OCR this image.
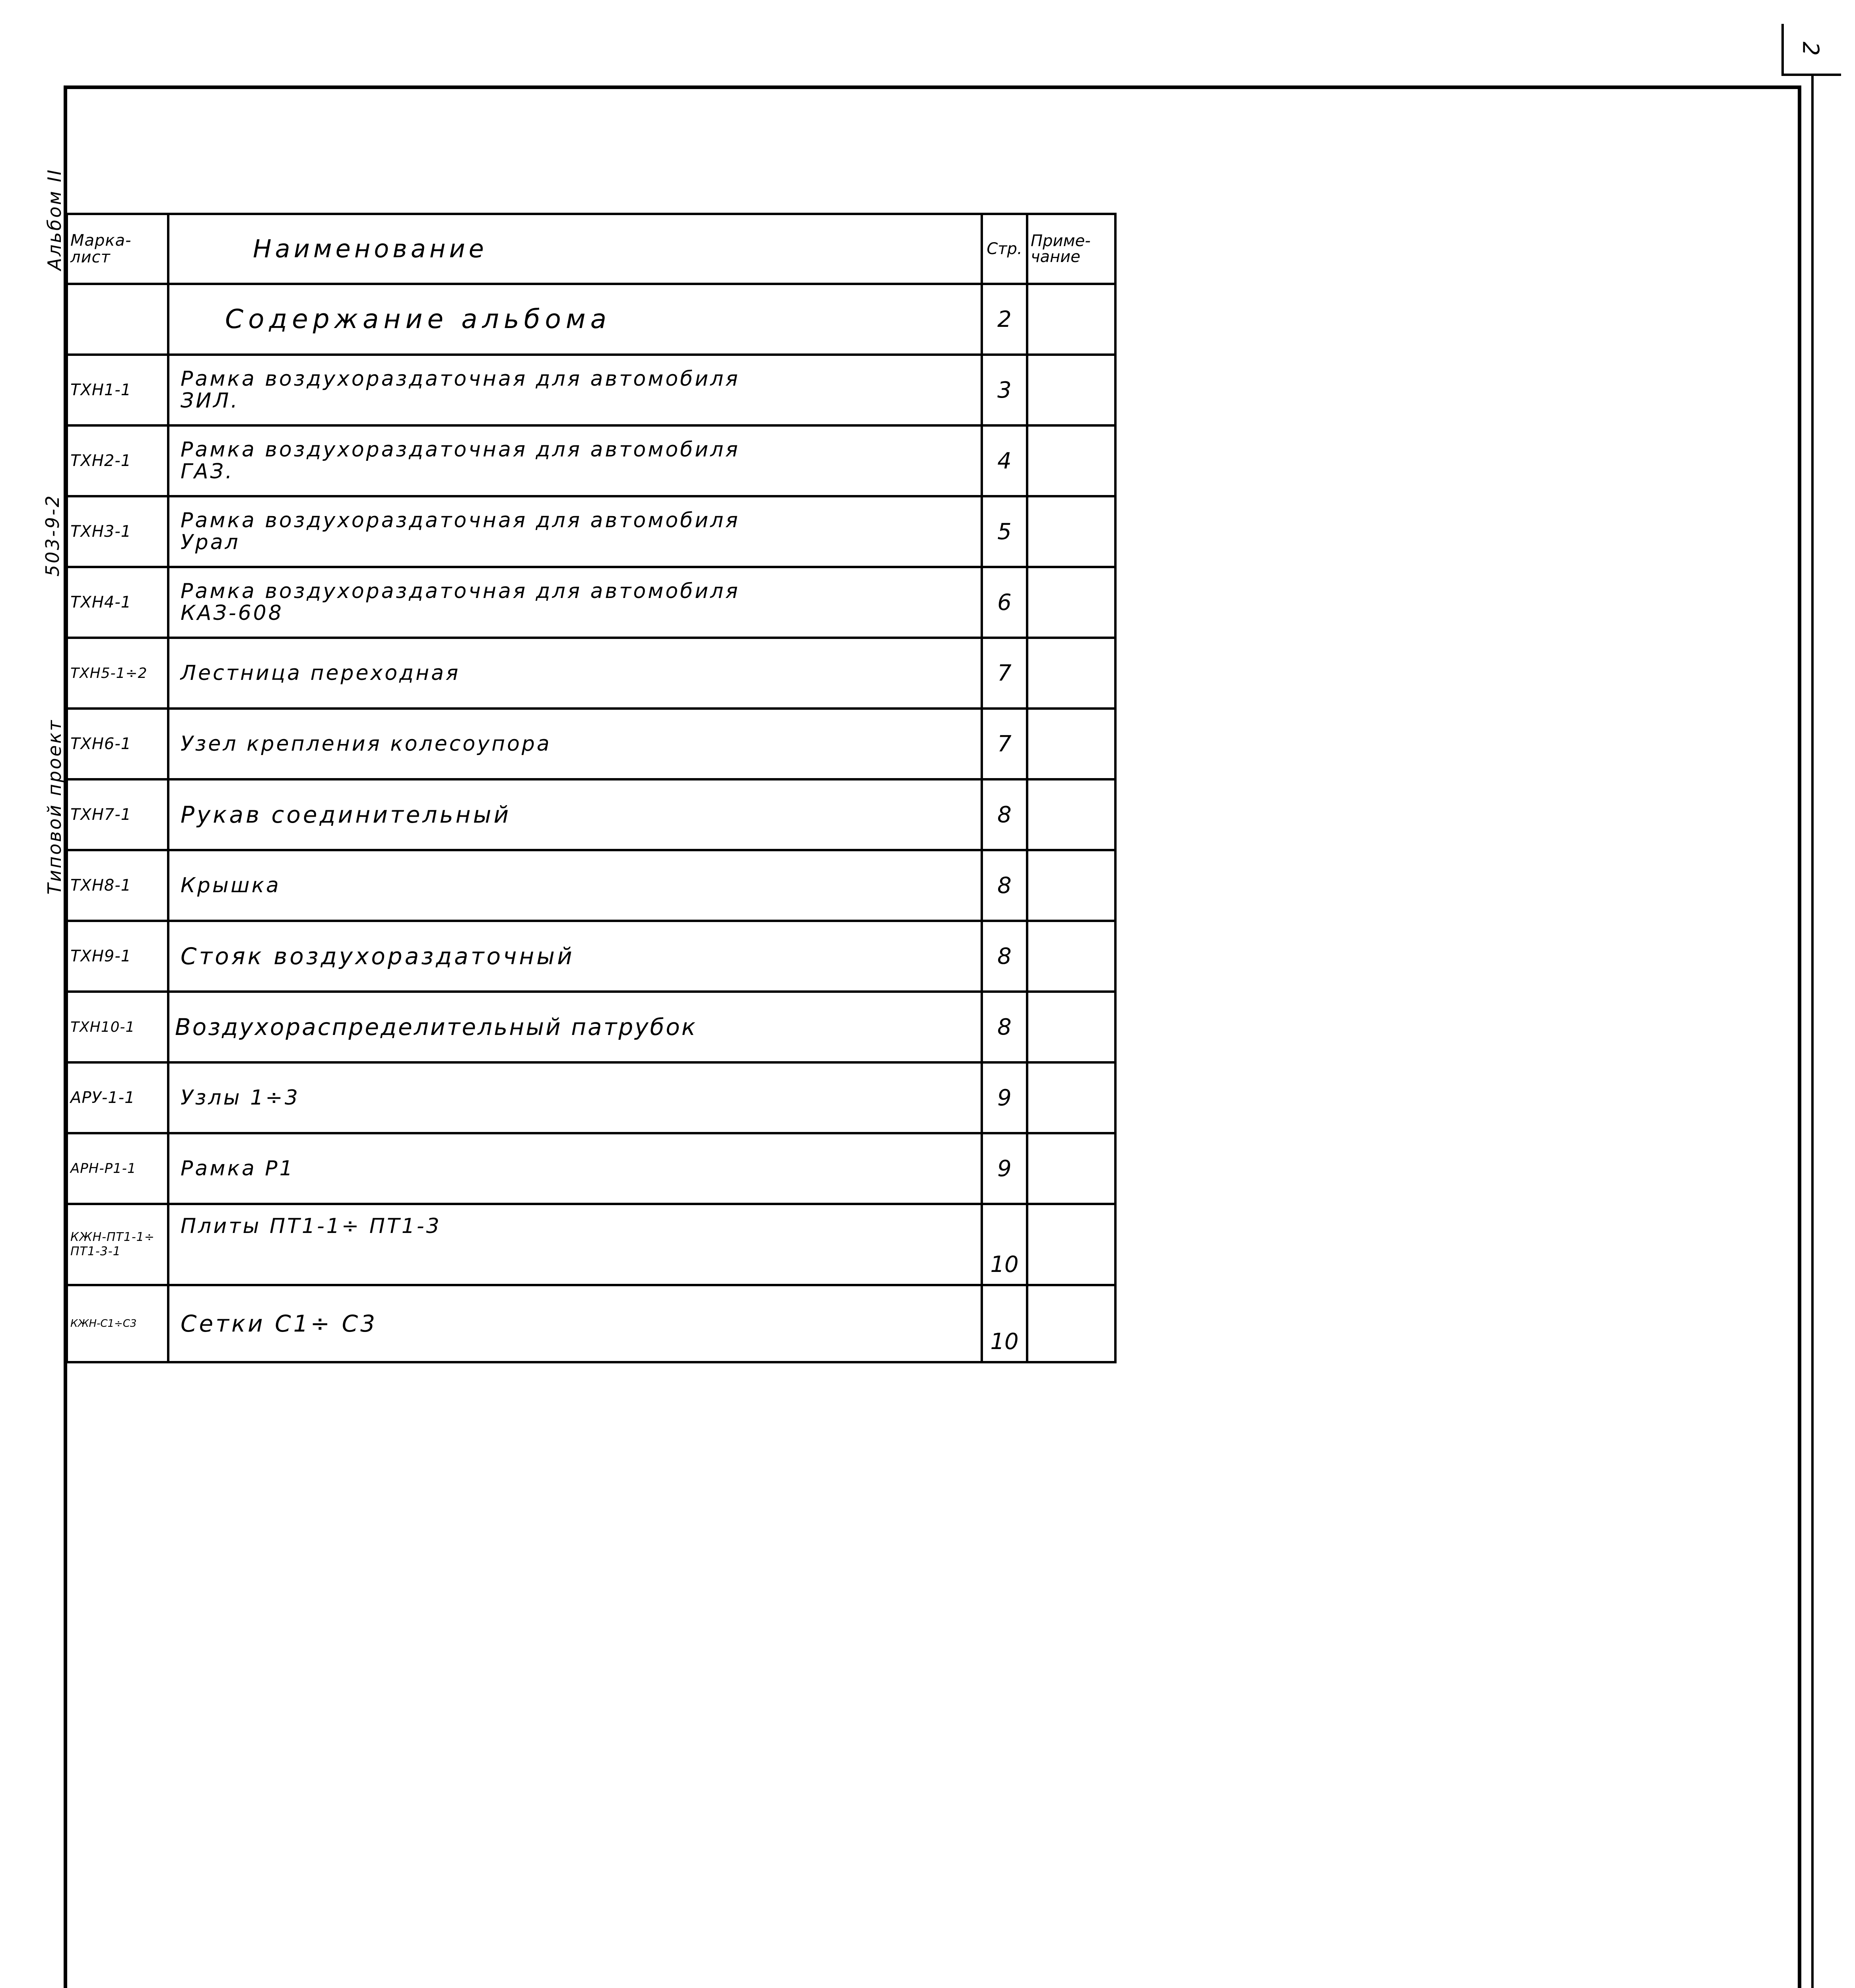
2
Альбом II
503-9-2
Типовой проект
Марка-лист	Наименование	Стр.	Приме-чание
	Содержание альбома	2	
ТХН1-1	Рамка воздухораздаточная для автомобиля ЗИЛ.	3	
ТХН2-1	Рамка воздухораздаточная для автомобиля ГАЗ.	4	
ТХН3-1	Рамка воздухораздаточная для автомобиля Урал	5	
ТХН4-1	Рамка воздухораздаточная для автомобиля КАЗ-608	6	
ТХН5-1÷2	Лестница переходная	7	
ТХН6-1	Узел крепления колесоупора	7	
ТХН7-1	Рукав соединительный	8	
ТХН8-1	Крышка	8	
ТХН9-1	Стояк воздухораздаточный	8	
ТХН10-1	Воздухораспределительный патрубок	8	
АРУ-1-1	Узлы 1÷3	9	
АРН-Р1-1	Рамка Р1	9	
КЖН-ПТ1-1÷ПТ1-3-1	Плиты ПТ1-1÷ ПТ1-3	10	
КЖН-С1÷С3	Сетки С1÷ С3	10	
